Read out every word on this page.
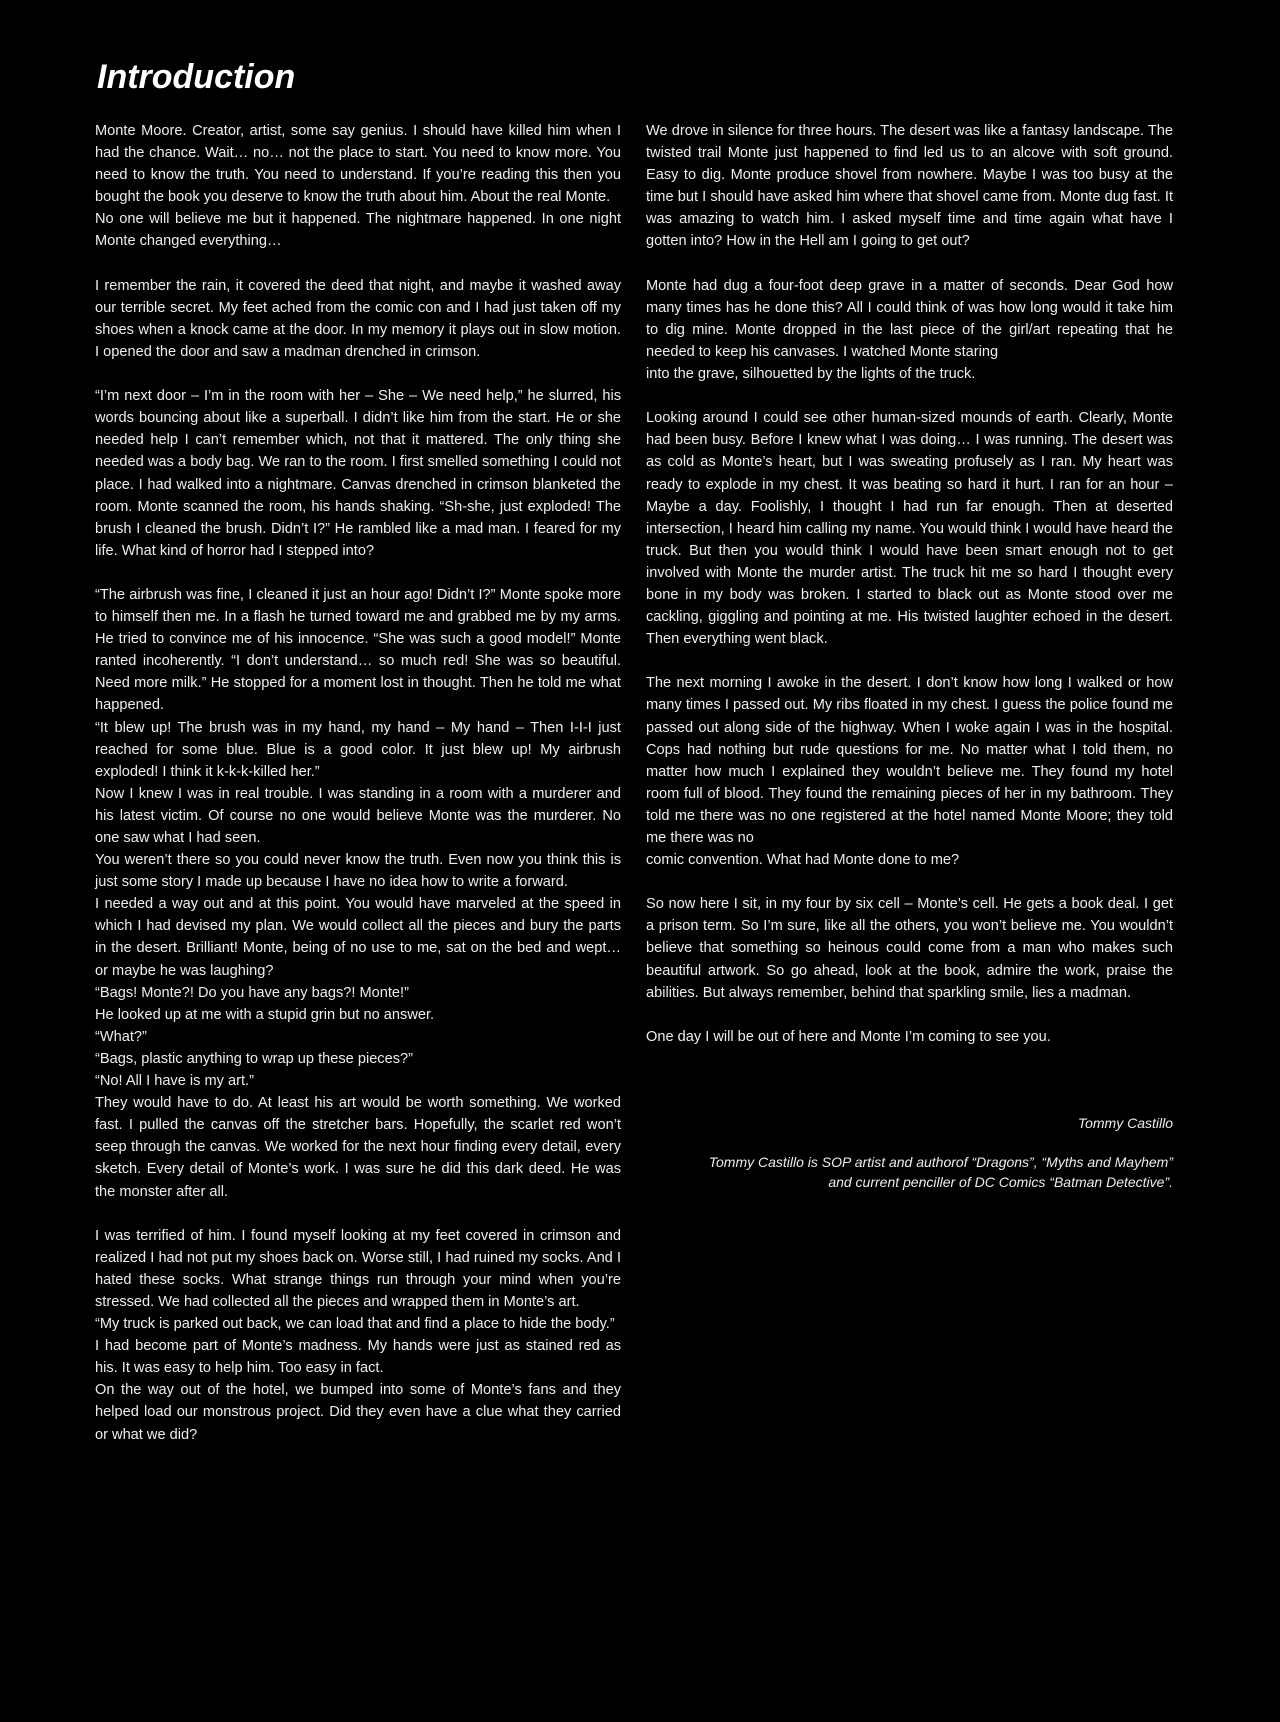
Introduction

Monte Moore. Creator, artist, some say genius. I should have killed him when I had the chance. Wait… no… not the place to start. You need to know more. You need to know the truth. You need to understand. If you’re reading this then you bought the book you deserve to know the truth about him. About the real Monte.

No one will believe me but it happened. The nightmare happened. In one night Monte changed everything…

I remember the rain, it covered the deed that night, and maybe it washed away our terrible secret. My feet ached from the comic con and I had just taken off my shoes when a knock came at the door. In my memory it plays out in slow motion. I opened the door and saw a madman drenched in crimson.

“I’m next door – I’m in the room with her – She – We need help,” he slurred, his words bouncing about like a superball. I didn’t like him from the start. He or she needed help I can’t remember which, not that it mattered. The only thing she needed was a body bag. We ran to the room. I first smelled something I could not place. I had walked into a nightmare. Canvas drenched in crimson blanketed the room. Monte scanned the room, his hands shaking. “Sh-she, just exploded! The brush I cleaned the brush. Didn’t I?” He rambled like a mad man. I feared for my life. What kind of horror had I stepped into?

“The airbrush was fine, I cleaned it just an hour ago! Didn’t I?” Monte spoke more to himself then me. In a flash he turned toward me and grabbed me by my arms. He tried to convince me of his innocence. “She was such a good model!” Monte ranted incoherently. “I don’t understand… so much red! She was so beautiful. Need more milk.” He stopped for a moment lost in thought. Then he told me what happened.

“It blew up! The brush was in my hand, my hand – My hand – Then I-I-I just reached for some blue. Blue is a good color. It just blew up! My airbrush exploded! I think it k-k-k-killed her.”

Now I knew I was in real trouble. I was standing in a room with a murderer and his latest victim. Of course no one would believe Monte was the murderer. No one saw what I had seen.

You weren’t there so you could never know the truth. Even now you think this is just some story I made up because I have no idea how to write a forward.

I needed a way out and at this point. You would have marveled at the speed in which I had devised my plan. We would collect all the pieces and bury the parts in the desert. Brilliant! Monte, being of no use to me, sat on the bed and wept… or maybe he was laughing?

“Bags! Monte?! Do you have any bags?! Monte!”

He looked up at me with a stupid grin but no answer.

“What?”

“Bags, plastic anything to wrap up these pieces?”

“No! All I have is my art.”

They would have to do. At least his art would be worth something. We worked fast. I pulled the canvas off the stretcher bars. Hopefully, the scarlet red won’t seep through the canvas. We worked for the next hour finding every detail, every sketch. Every detail of Monte’s work. I was sure he did this dark deed. He was the monster after all.

I was terrified of him. I found myself looking at my feet covered in crimson and realized I had not put my shoes back on. Worse still, I had ruined my socks. And I hated these socks. What strange things run through your mind when you’re stressed. We had collected all the pieces and wrapped them in Monte’s art.

“My truck is parked out back, we can load that and find a place to hide the body.”

I had become part of Monte’s madness. My hands were just as stained red as his. It was easy to help him. Too easy in fact.

On the way out of the hotel, we bumped into some of Monte’s fans and they helped load our monstrous project. Did they even have a clue what they carried or what we did?

We drove in silence for three hours. The desert was like a fantasy landscape. The twisted trail Monte just happened to find led us to an alcove with soft ground. Easy to dig. Monte produce shovel from nowhere. Maybe I was too busy at the time but I should have asked him where that shovel came from. Monte dug fast. It was amazing to watch him. I asked myself time and time again what have I gotten into? How in the Hell am I going to get out?

Monte had dug a four-foot deep grave in a matter of seconds. Dear God how many times has he done this? All I could think of was how long would it take him to dig mine. Monte dropped in the last piece of the girl/art repeating that he needed to keep his canvases. I watched Monte staring

into the grave, silhouetted by the lights of the truck.

Looking around I could see other human-sized mounds of earth. Clearly, Monte had been busy. Before I knew what I was doing… I was running. The desert was as cold as Monte’s heart, but I was sweating profusely as I ran. My heart was ready to explode in my chest. It was beating so hard it hurt. I ran for an hour – Maybe a day. Foolishly, I thought I had run far enough. Then at deserted intersection, I heard him calling my name. You would think I would have heard the truck. But then you would think I would have been smart enough not to get involved with Monte the murder artist. The truck hit me so hard I thought every bone in my body was broken. I started to black out as Monte stood over me cackling, giggling and pointing at me. His twisted laughter echoed in the desert. Then everything went black.

The next morning I awoke in the desert. I don’t know how long I walked or how many times I passed out. My ribs floated in my chest. I guess the police found me passed out along side of the highway. When I woke again I was in the hospital. Cops had nothing but rude questions for me. No matter what I told them, no matter how much I explained they wouldn’t believe me. They found my hotel room full of blood. They found the remaining pieces of her in my bathroom. They told me there was no one registered at the hotel named Monte Moore; they told me there was no

comic convention. What had Monte done to me?

So now here I sit, in my four by six cell – Monte’s cell. He gets a book deal. I get a prison term. So I’m sure, like all the others, you won’t believe me. You wouldn’t believe that something so heinous could come from a man who makes such beautiful artwork. So go ahead, look at the book, admire the work, praise the abilities. But always remember, behind that sparkling smile, lies a madman.

One day I will be out of here and Monte I’m coming to see you.

Tommy Castillo

Tommy Castillo is SOP artist and authorof “Dragons”, “Myths and Mayhem”
and current penciller of DC Comics “Batman Detective”.
